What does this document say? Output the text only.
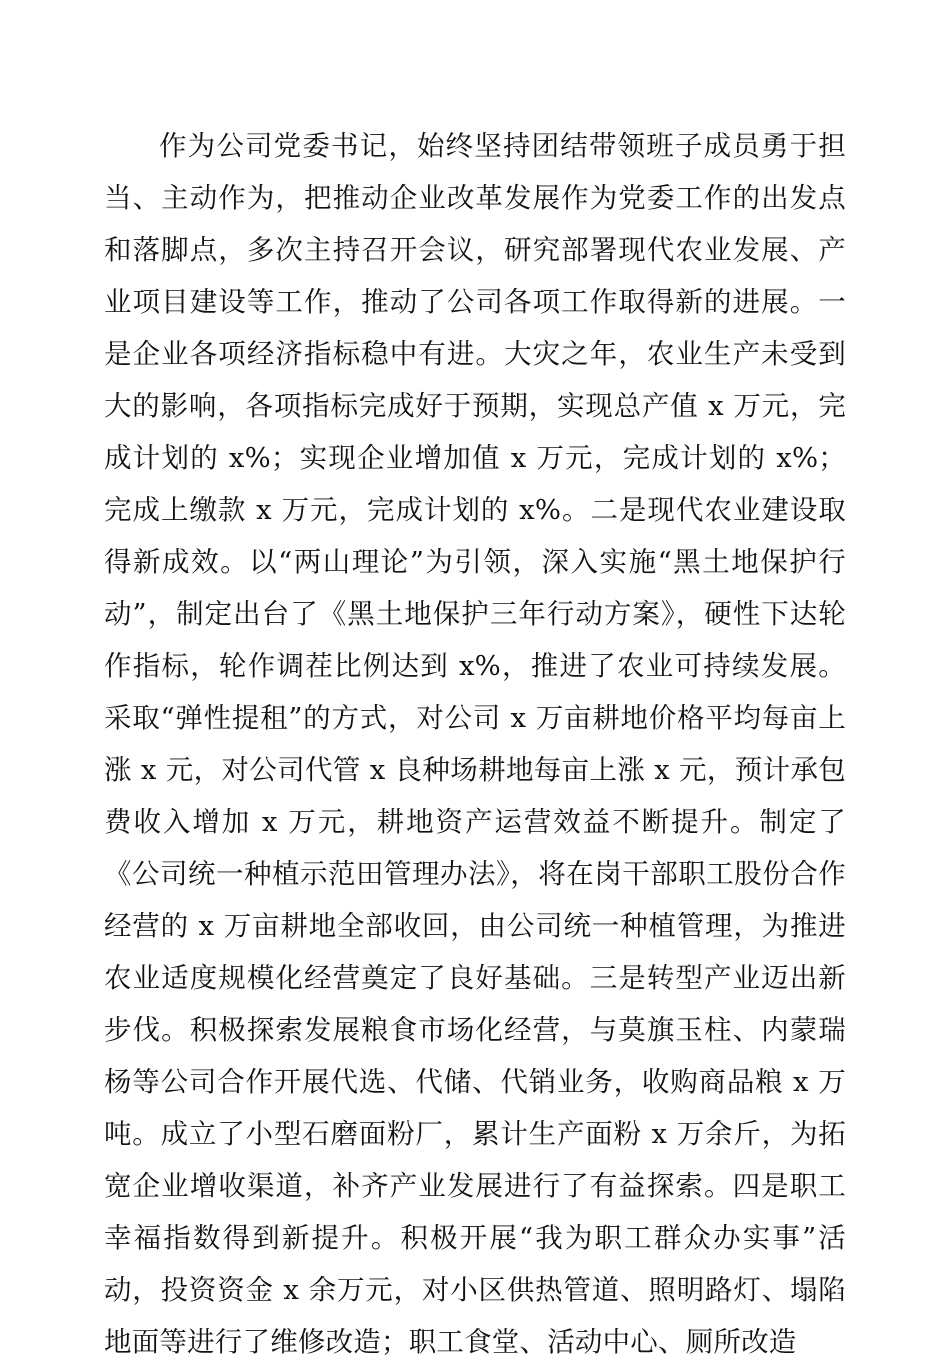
作为公司党委书记，始终坚持团结带领班子成员勇于担当、主动作为，把推动企业改革发展作为党委工作的出发点和落脚点，多次主持召开会议，研究部署现代农业发展、产业项目建设等工作，推动了公司各项工作取得新的进展。一是企业各项经济指标稳中有进。大灾之年，农业生产未受到大的影响，各项指标完成好于预期，实现总产值 x 万元，完成计划的 x%；实现企业增加值 x 万元，完成计划的 x%；完成上缴款 x 万元，完成计划的 x%。二是现代农业建设取得新成效。以“两山理论”为引领，深入实施“黑土地保护行动”，制定出台了《黑土地保护三年行动方案》，硬性下达轮作指标，轮作调茬比例达到 x%，推进了农业可持续发展。采取“弹性提租”的方式，对公司 x 万亩耕地价格平均每亩上涨 x 元，对公司代管 x 良种场耕地每亩上涨 x 元，预计承包费收入增加 x 万元，耕地资产运营效益不断提升。制定了《公司统一种植示范田管理办法》，将在岗干部职工股份合作经营的 x 万亩耕地全部收回，由公司统一种植管理，为推进农业适度规模化经营奠定了良好基础。三是转型产业迈出新步伐。积极探索发展粮食市场化经营，与莫旗玉柱、内蒙瑞杨等公司合作开展代选、代储、代销业务，收购商品粮 x 万吨。成立了小型石磨面粉厂，累计生产面粉 x 万余斤，为拓宽企业增收渠道，补齐产业发展进行了有益探索。四是职工幸福指数得到新提升。积极开展“我为职工群众办实事”活动，投资资金 x 余万元，对小区供热管道、照明路灯、塌陷地面等进行了维修改造；职工食堂、活动中心、厕所改造
